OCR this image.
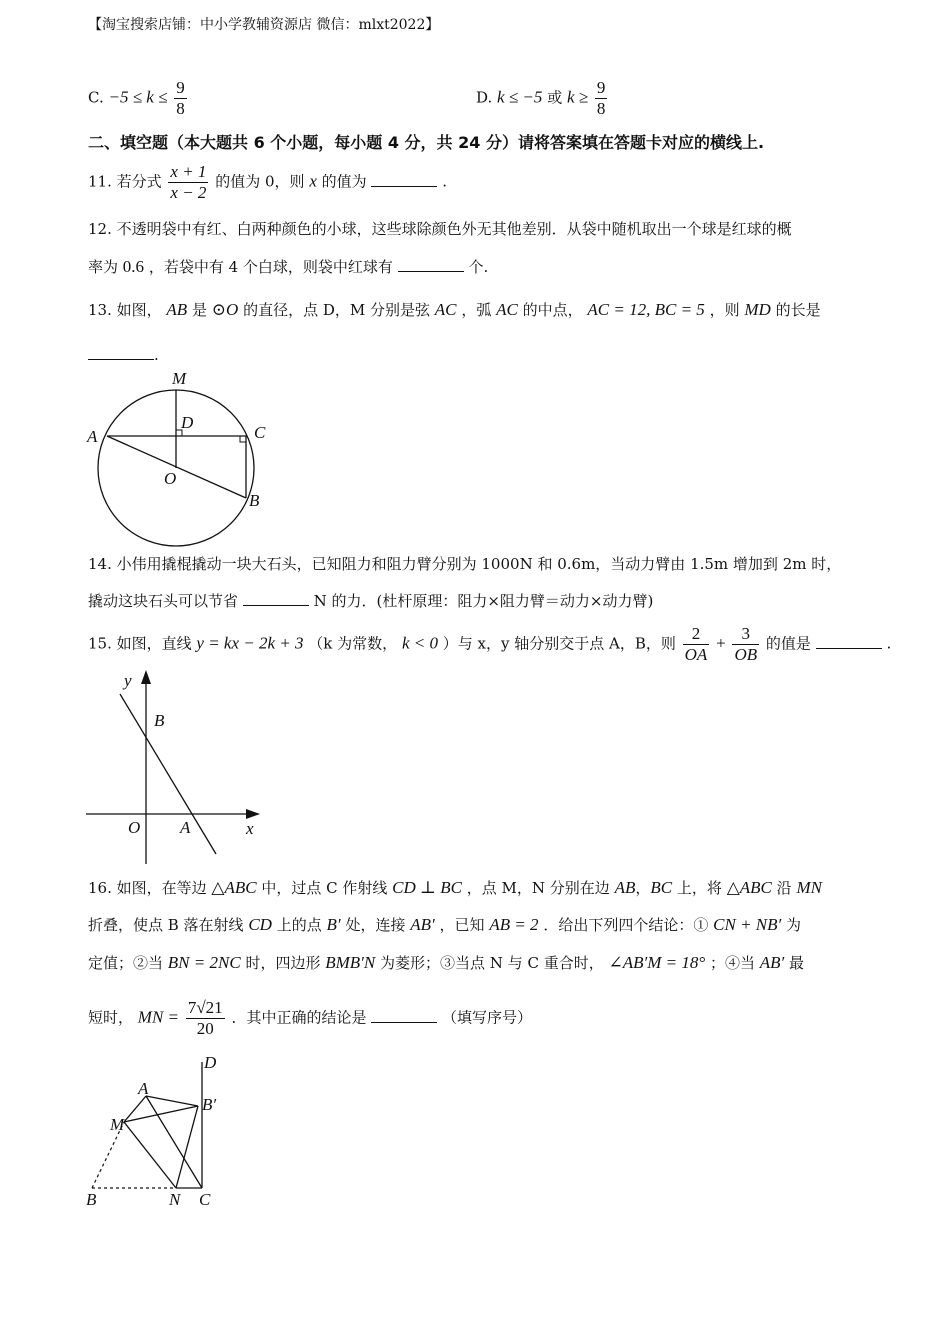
【淘宝搜索店铺：中小学教辅资源店 微信：mlxt2022】
C. $-5 \le k \le \frac{9}{8}$	D. k ≤ −5 或 $k \ge \frac{9}{8}$
二、填空题（本大题共 6 个小题，每小题 4 分，共 24 分）请将答案填在答题卡对应的横线上.
11. 若分式 $\frac{x + 1}{x - 2}$ 的值为 0，则 x 的值为	.
12. 不透明袋中有红、白两种颜色的小球，这些球除颜色外无其他差别．从袋中随机取出一个球是红球的概
率为 0.6 ，若袋中有 4 个白球，则袋中红球有	个.
13. 如图， AB 是 ⊙O 的直径，点 D，M 分别是弦 AC ，弧 AC 的中点， AC = 12, BC = 5 ，则 MD 的长是
.
M
D
A	C
O
B
14. 小伟用撬棍撬动一块大石头，已知阻力和阻力臂分别为 1000N 和 0.6m，当动力臂由 1.5m 增加到 2m 时，
撬动这块石头可以节省	N 的力．(杜杆原理：阻力×阻力臂＝动力×动力臂)
15. 如图，直线 y = kx − 2k + 3 （k 为常数， k < 0 ）与 x，y 轴分别交于点 A，B，则 $\frac{2}{OA} + \frac{3}{OB}$ 的值是	.
y
x
B
O A
16. 如图，在等边 △ABC 中，过点 C 作射线 CD ⊥ BC ，点 M，N 分别在边 AB，BC 上，将 △ABC 沿 MN
折叠，使点 B 落在射线 CD 上的点 B′ 处，连接 AB′ ，已知 AB = 2 ．给出下列四个结论：① CN + NB′ 为
定值；②当 BN = 2NC 时，四边形 BMB′N 为菱形；③当点 N 与 C 重合时， ∠AB′M = 18° ；④当 AB′ 最
短时， MN = $\frac{7√21}{20}$ ．其中正确的结论是	（填写序号）
D
A
B′
M
B	N C
